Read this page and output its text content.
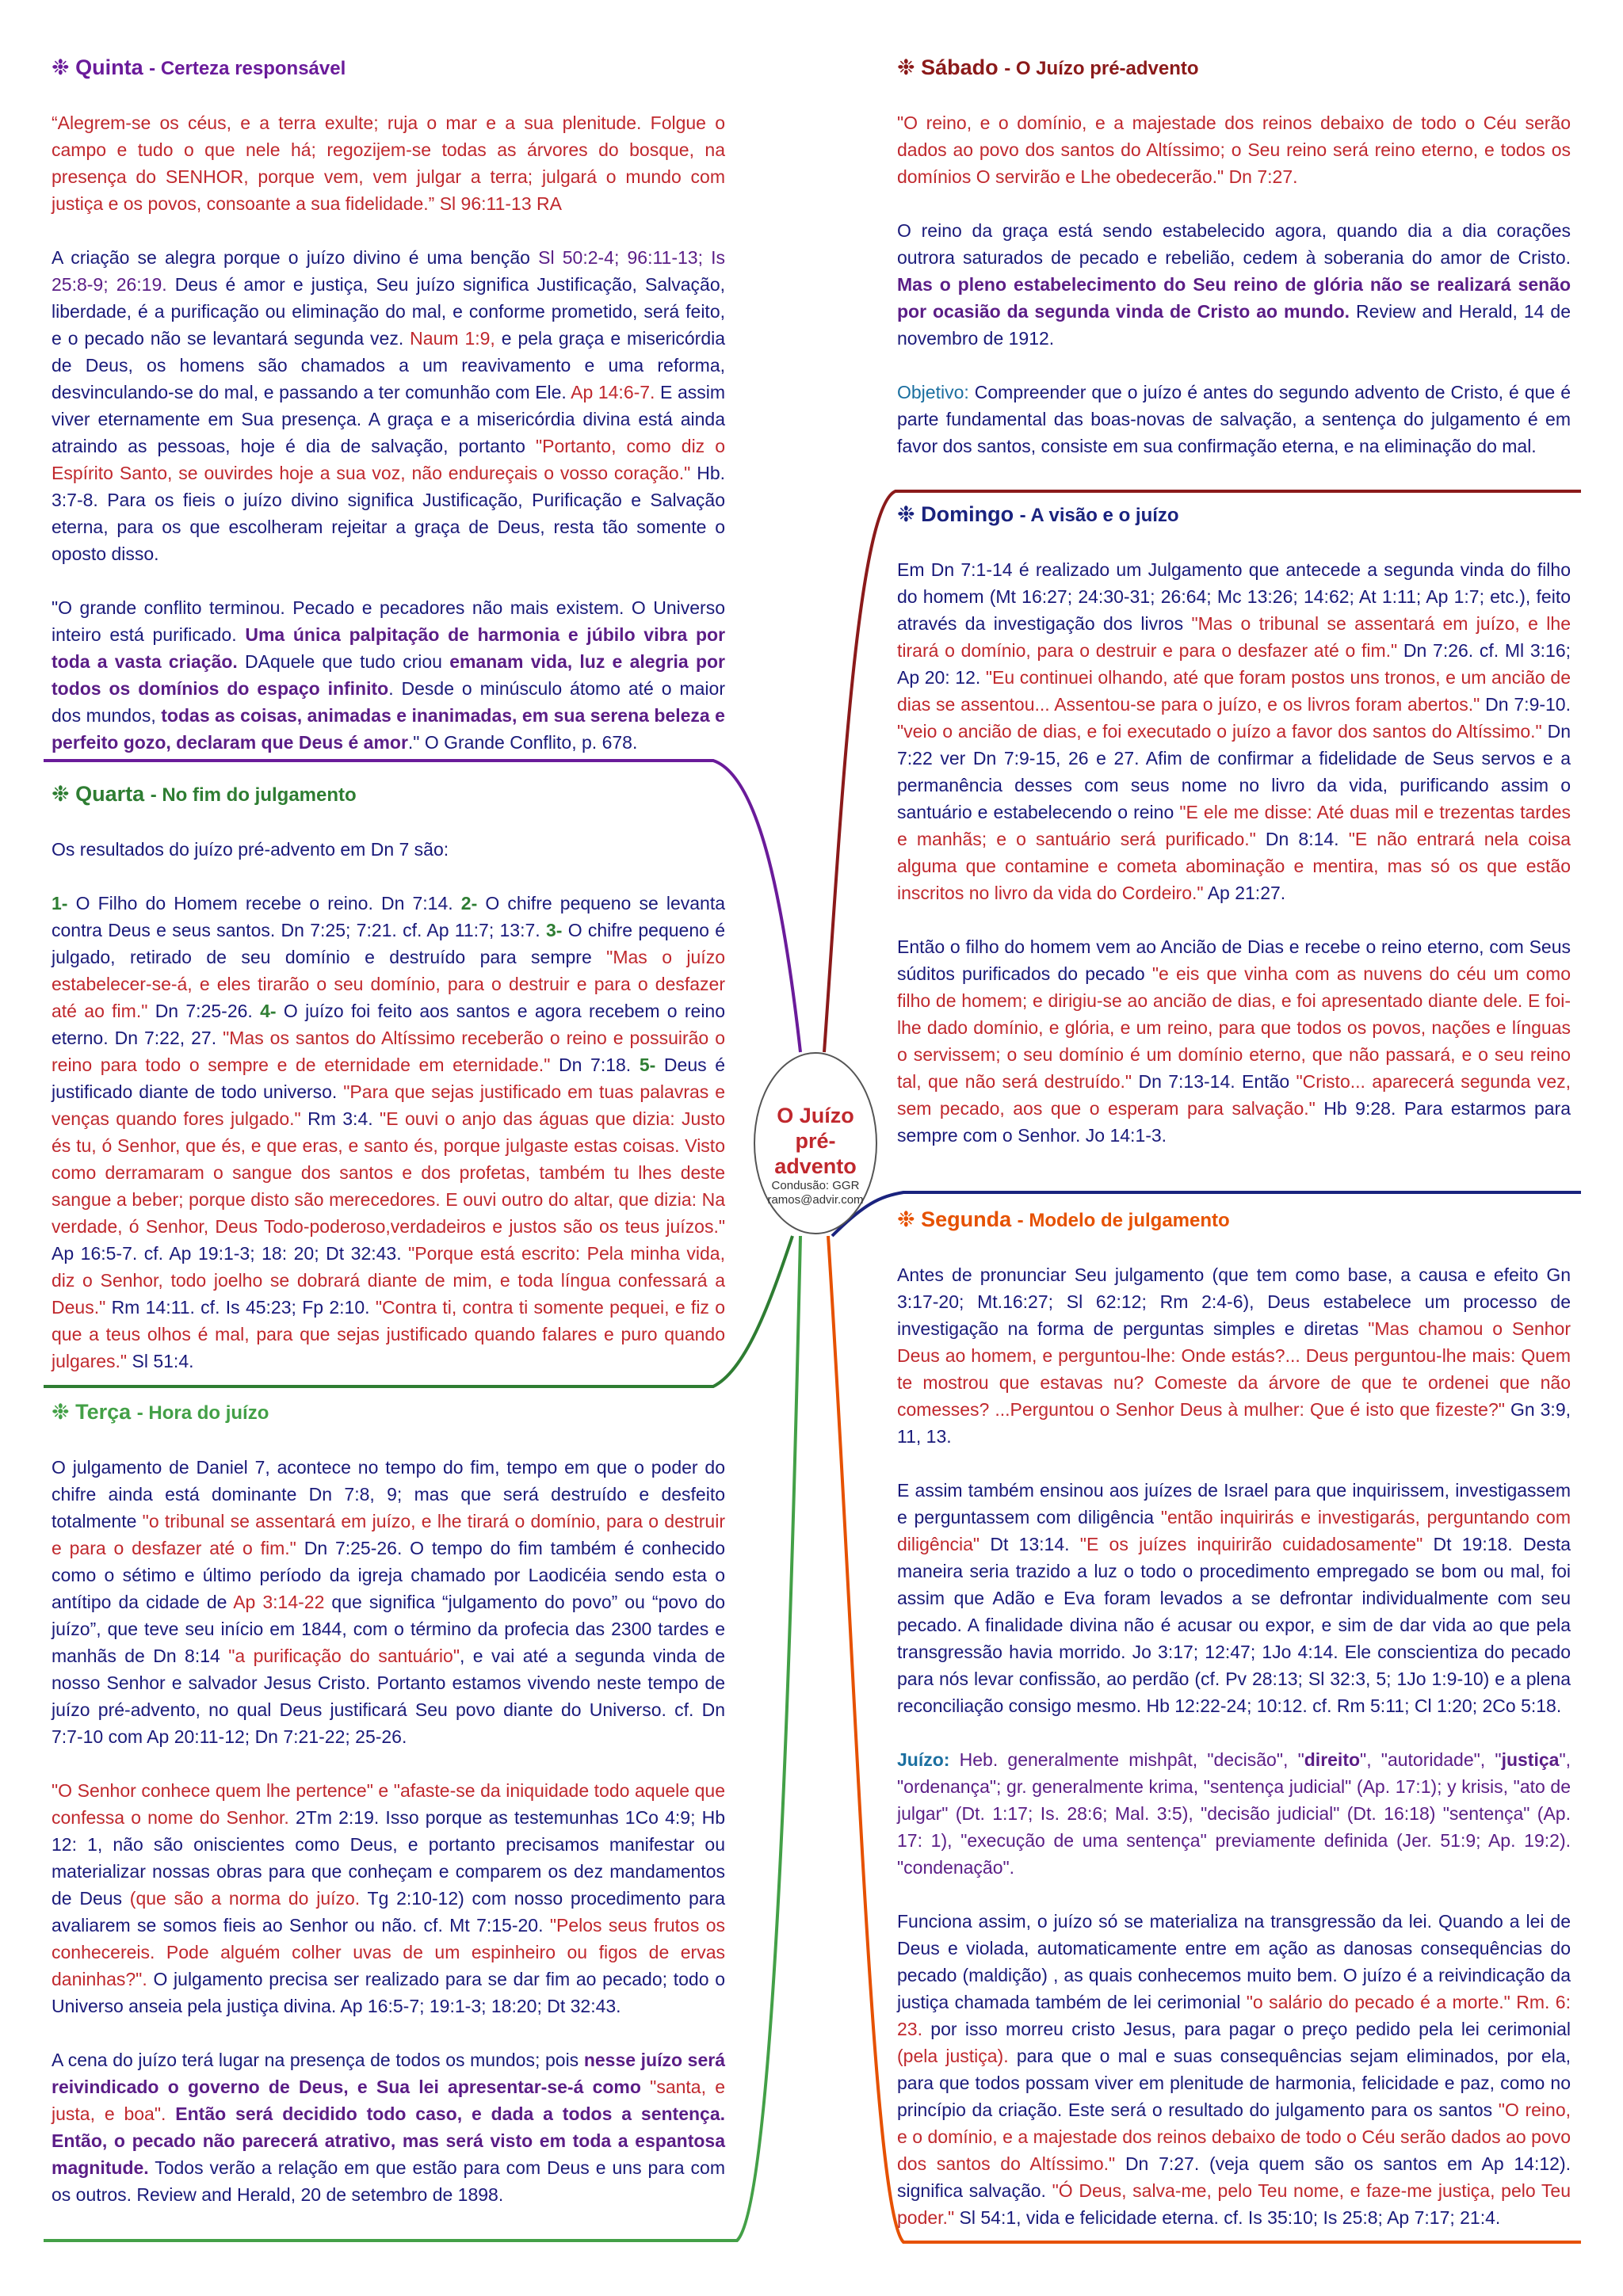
O Juízo
pré-advento
Condusão: GGR
ramos@advir.com
❉ Quinta - Certeza responsável

“Alegrem-se os céus, e a terra exulte; ruja o mar e a sua plenitude. Folgue o campo e tudo o que nele há; regozijem-se todas as árvores do bosque, na presença do SENHOR, porque vem, vem julgar a terra; julgará o mundo com justiça e os povos, consoante a sua fidelidade.” Sl 96:11-13 RA

A criação se alegra porque o juízo divino é uma benção Sl 50:2-4; 96:11-13; Is 25:8-9; 26:19. Deus é amor e justiça, Seu juízo significa Justificação, Salvação, liberdade, é a purificação ou eliminação do mal, e conforme prometido, será feito, e o pecado não se levantará segunda vez. Naum 1:9, e pela graça e misericórdia de Deus, os homens são chamados a um reavivamento e uma reforma, desvinculando-se do mal, e passando a ter comunhão com Ele. Ap 14:6-7. E assim viver eternamente em Sua presença. A graça e a misericórdia divina está ainda atraindo as pessoas, hoje é dia de salvação, portanto "Portanto, como diz o Espírito Santo, se ouvirdes hoje a sua voz, não endureçais o vosso coração." Hb. 3:7-8. Para os fieis o juízo divino significa Justificação, Purificação e Salvação eterna, para os que escolheram rejeitar a graça de Deus, resta tão somente o oposto disso.

"O grande conflito terminou. Pecado e pecadores não mais existem. O Universo inteiro está purificado. Uma única palpitação de harmonia e júbilo vibra por toda a vasta criação. DAquele que tudo criou emanam vida, luz e alegria por todos os domínios do espaço infinito. Desde o minúsculo átomo até o maior dos mundos, todas as coisas, animadas e inanimadas, em sua serena beleza e perfeito gozo, declaram que Deus é amor." O Grande Conflito, p. 678.

❉ Quarta - No fim do julgamento

Os resultados do juízo pré-advento em Dn 7 são:

1- O Filho do Homem recebe o reino. Dn 7:14. 2- O chifre pequeno se levanta contra Deus e seus santos. Dn 7:25; 7:21. cf. Ap 11:7; 13:7. 3- O chifre pequeno é julgado, retirado de seu domínio e destruído para sempre "Mas o juízo estabelecer-se-á, e eles tirarão o seu domínio, para o destruir e para o desfazer até ao fim." Dn 7:25-26. 4- O juízo foi feito aos santos e agora recebem o reino eterno. Dn 7:22, 27. "Mas os santos do Altíssimo receberão o reino e possuirão o reino para todo o sempre e de eternidade em eternidade." Dn 7:18. 5- Deus é justificado diante de todo universo. "Para que sejas justificado em tuas palavras e venças quando fores julgado." Rm 3:4. "E ouvi o anjo das águas que dizia: Justo és tu, ó Senhor, que és, e que eras, e santo és, porque julgaste estas coisas. Visto como derramaram o sangue dos santos e dos profetas, também tu lhes deste sangue a beber; porque disto são merecedores. E ouvi outro do altar, que dizia: Na verdade, ó Senhor, Deus Todo-poderoso,verdadeiros e justos são os teus juízos." Ap 16:5-7. cf. Ap 19:1-3; 18: 20; Dt 32:43. "Porque está escrito: Pela minha vida, diz o Senhor, todo joelho se dobrará diante de mim, e toda língua confessará a Deus." Rm 14:11. cf. Is 45:23; Fp 2:10. "Contra ti, contra ti somente pequei, e fiz o que a teus olhos é mal, para que sejas justificado quando falares e puro quando julgares." Sl 51:4.

❉ Terça - Hora do juízo

O julgamento de Daniel 7, acontece no tempo do fim, tempo em que o poder do chifre ainda está dominante Dn 7:8, 9; mas que será destruído e desfeito totalmente "o tribunal se assentará em juízo, e lhe tirará o domínio, para o destruir e para o desfazer até o fim." Dn 7:25-26. O tempo do fim também é conhecido como o sétimo e último período da igreja chamado por Laodicéia sendo esta o antítipo da cidade de Ap 3:14-22 que significa “julgamento do povo” ou “povo do juízo”, que teve seu início em 1844, com o término da profecia das 2300 tardes e manhãs de Dn 8:14 "a purificação do santuário", e vai até a segunda vinda de nosso Senhor e salvador Jesus Cristo. Portanto estamos vivendo neste tempo de juízo pré-advento, no qual Deus justificará Seu povo diante do Universo. cf. Dn 7:7-10 com Ap 20:11-12; Dn 7:21-22; 25-26.

"O Senhor conhece quem lhe pertence" e "afaste-se da iniquidade todo aquele que confessa o nome do Senhor. 2Tm 2:19. Isso porque as testemunhas 1Co 4:9; Hb 12: 1, não são oniscientes como Deus, e portanto precisamos manifestar ou materializar nossas obras para que conheçam e comparem os dez mandamentos de Deus (que são a norma do juízo. Tg 2:10-12) com nosso procedimento para avaliarem se somos fieis ao Senhor ou não. cf. Mt 7:15-20. "Pelos seus frutos os conhecereis. Pode alguém colher uvas de um espinheiro ou figos de ervas daninhas?". O julgamento precisa ser realizado para se dar fim ao pecado; todo o Universo anseia pela justiça divina. Ap 16:5-7; 19:1-3; 18:20; Dt 32:43.

A cena do juízo terá lugar na presença de todos os mundos; pois nesse juízo será reivindicado o governo de Deus, e Sua lei apresentar-se-á como "santa, e justa, e boa". Então será decidido todo caso, e dada a todos a sentença. Então, o pecado não parecerá atrativo, mas será visto em toda a espantosa magnitude. Todos verão a relação em que estão para com Deus e uns para com os outros. Review and Herald, 20 de setembro de 1898.

❉ Sábado - O Juízo pré-advento

"O reino, e o domínio, e a majestade dos reinos debaixo de todo o Céu serão dados ao povo dos santos do Altíssimo; o Seu reino será reino eterno, e todos os domínios O servirão e Lhe obedecerão." Dn 7:27.

O reino da graça está sendo estabelecido agora, quando dia a dia corações outrora saturados de pecado e rebelião, cedem à soberania do amor de Cristo. Mas o pleno estabelecimento do Seu reino de glória não se realizará senão por ocasião da segunda vinda de Cristo ao mundo. Review and Herald, 14 de novembro de 1912.

Objetivo: Compreender que o juízo é antes do segundo advento de Cristo, é que é parte fundamental das boas-novas de salvação, a sentença do julgamento é em favor dos santos, consiste em sua confirmação eterna, e na eliminação do mal.

❉ Domingo - A visão e o juízo

Em Dn 7:1-14 é realizado um Julgamento que antecede a segunda vinda do filho do homem (Mt 16:27; 24:30-31; 26:64; Mc 13:26; 14:62; At 1:11; Ap 1:7; etc.), feito através da investigação dos livros "Mas o tribunal se assentará em juízo, e lhe tirará o domínio, para o destruir e para o desfazer até o fim." Dn 7:26. cf. Ml 3:16; Ap 20: 12. "Eu continuei olhando, até que foram postos uns tronos, e um ancião de dias se assentou... Assentou-se para o juízo, e os livros foram abertos." Dn 7:9-10. "veio o ancião de dias, e foi executado o juízo a favor dos santos do Altíssimo." Dn 7:22 ver Dn 7:9-15, 26 e 27. Afim de confirmar a fidelidade de Seus servos e a permanência desses com seus nome no livro da vida, purificando assim o santuário e estabelecendo o reino "E ele me disse: Até duas mil e trezentas tardes e manhãs; e o santuário será purificado." Dn 8:14. "E não entrará nela coisa alguma que contamine e cometa abominação e mentira, mas só os que estão inscritos no livro da vida do Cordeiro." Ap 21:27.

Então o filho do homem vem ao Ancião de Dias e recebe o reino eterno, com Seus súditos purificados do pecado "e eis que vinha com as nuvens do céu um como filho de homem; e dirigiu-se ao ancião de dias, e foi apresentado diante dele. E foi-lhe dado domínio, e glória, e um reino, para que todos os povos, nações e línguas o servissem; o seu domínio é um domínio eterno, que não passará, e o seu reino tal, que não será destruído." Dn 7:13-14. Então "Cristo... aparecerá segunda vez, sem pecado, aos que o esperam para salvação." Hb 9:28. Para estarmos para sempre com o Senhor. Jo 14:1-3.

❉ Segunda - Modelo de julgamento

Antes de pronunciar Seu julgamento (que tem como base, a causa e efeito Gn 3:17-20; Mt.16:27; Sl 62:12; Rm 2:4-6), Deus estabelece um processo de investigação na forma de perguntas simples e diretas "Mas chamou o Senhor Deus ao homem, e perguntou-lhe: Onde estás?... Deus perguntou-lhe mais: Quem te mostrou que estavas nu? Comeste da árvore de que te ordenei que não comesses? ...Perguntou o Senhor Deus à mulher: Que é isto que fizeste?" Gn 3:9, 11, 13.

E assim também ensinou aos juízes de Israel para que inquirissem, investigassem e perguntassem com diligência "então inquirirás e investigarás, perguntando com diligência" Dt 13:14. "E os juízes inquirirão cuidadosamente" Dt 19:18. Desta maneira seria trazido a luz o todo o procedimento empregado se bom ou mal, foi assim que Adão e Eva foram levados a se defrontar individualmente com seu pecado. A finalidade divina não é acusar ou expor, e sim de dar vida ao que pela transgressão havia morrido. Jo 3:17; 12:47; 1Jo 4:14. Ele conscientiza do pecado para nós levar confissão, ao perdão (cf. Pv 28:13; Sl 32:3, 5; 1Jo 1:9-10) e a plena reconciliação consigo mesmo. Hb 12:22-24; 10:12. cf. Rm 5:11; Cl 1:20; 2Co 5:18.

Juízo: Heb. generalmente mishpât, "decisão", "direito", "autoridade", "justiça", "ordenança"; gr. generalmente krima, "sentença judicial" (Ap. 17:1); y krisis, "ato de julgar" (Dt. 1:17; Is. 28:6; Mal. 3:5), "decisão judicial" (Dt. 16:18) "sentença" (Ap. 17: 1), "execução de uma sentença" previamente definida (Jer. 51:9; Ap. 19:2). "condenação".

Funciona assim, o juízo só se materializa na transgressão da lei. Quando a lei de Deus e violada, automaticamente entre em ação as danosas consequências do pecado (maldição) , as quais conhecemos muito bem. O juízo é a reivindicação da justiça chamada também de lei cerimonial "o salário do pecado é a morte." Rm. 6: 23. por isso morreu cristo Jesus, para pagar o preço pedido pela lei cerimonial (pela justiça). para que o mal e suas consequências sejam eliminados, por ela, para que todos possam viver em plenitude de harmonia, felicidade e paz, como no princípio da criação. Este será o resultado do julgamento para os santos "O reino, e o domínio, e a majestade dos reinos debaixo de todo o Céu serão dados ao povo dos santos do Altíssimo." Dn 7:27. (veja quem são os santos em Ap 14:12). significa salvação. "Ó Deus, salva-me, pelo Teu nome, e faze-me justiça, pelo Teu poder." Sl 54:1, vida e felicidade eterna. cf. Is 35:10; Is 25:8; Ap 7:17; 21:4.
